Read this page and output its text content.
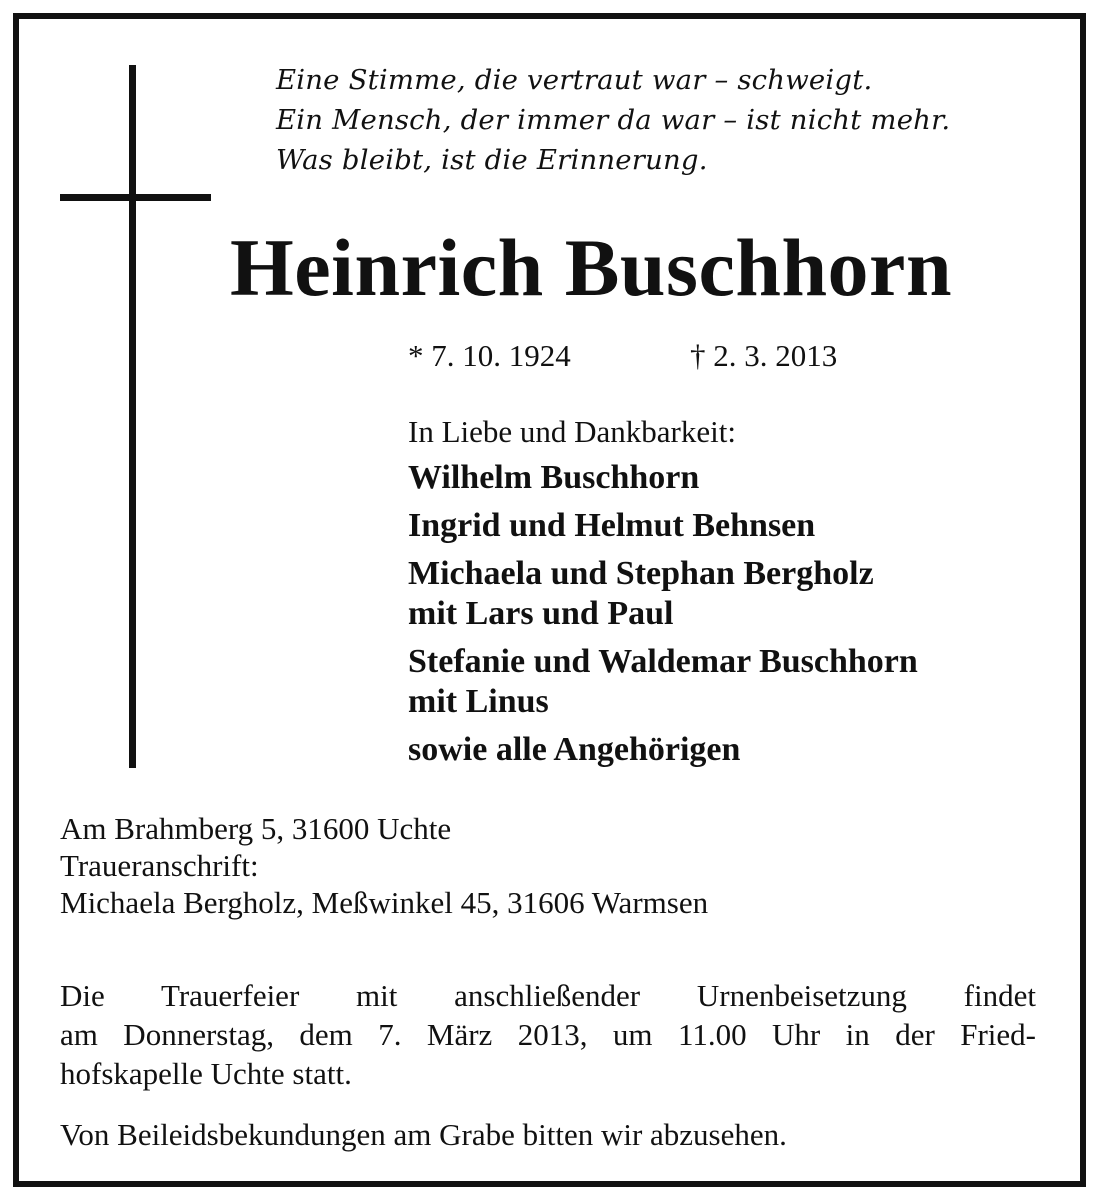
Eine Stimme, die vertraut war – schweigt.
Ein Mensch, der immer da war – ist nicht mehr.
Was bleibt, ist die Erinnerung.
Heinrich Buschhorn
* 7. 10. 1924	† 2. 3. 2013
In Liebe und Dankbarkeit:
Wilhelm Buschhorn
Ingrid und Helmut Behnsen
Michaela und Stephan Bergholz
mit Lars und Paul
Stefanie und Waldemar Buschhorn
mit Linus
sowie alle Angehörigen
Am Brahmberg 5, 31600 Uchte
Traueranschrift:
Michaela Bergholz, Meßwinkel 45, 31606 Warmsen
Die Trauerfeier mit anschließender Urnenbeisetzung findet
am Donnerstag, dem 7. März 2013, um 11.00 Uhr in der Fried-
hofskapelle Uchte statt.
Von Beileidsbekundungen am Grabe bitten wir abzusehen.
